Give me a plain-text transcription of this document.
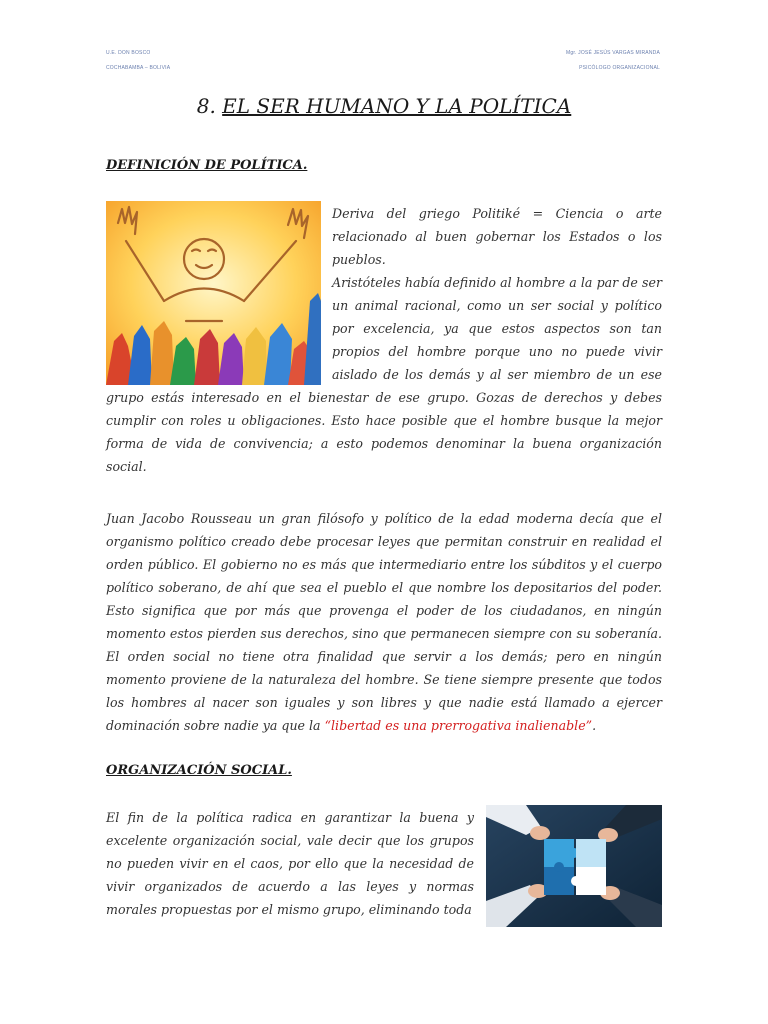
U.E. DON BOSCO
COCHABAMBA – BOLIVIA
Mgr. JOSÉ JESÚS VARGAS MIRANDA
PSICÓLOGO ORGANIZACIONAL
8. EL SER HUMANO Y LA POLÍTICA
DEFINICIÓN DE POLÍTICA.
Deriva del griego Politiké = Ciencia o arte relacionado al buen gobernar los Estados o los pueblos.
Aristóteles había definido al hombre a la par de ser un animal racional, como un ser social y político por excelencia, ya que estos aspectos son tan propios del hombre porque uno no puede vivir aislado de los demás y al ser miembro de un ese grupo estás interesado en el bienestar de ese grupo. Gozas de derechos y debes cumplir con roles u obligaciones. Esto hace posible que el hombre busque la mejor forma de vida de convivencia; a esto podemos denominar la buena organización social.
Juan Jacobo Rousseau un gran filósofo y político de la edad moderna decía que el organismo político creado debe procesar leyes que permitan construir en realidad el orden público. El gobierno no es más que intermediario entre los súbditos y el cuerpo político soberano, de ahí que sea el pueblo el que nombre los depositarios del poder. Esto significa que por más que provenga el poder de los ciudadanos, en ningún momento estos pierden sus derechos, sino que permanecen siempre con su soberanía. El orden social no tiene otra finalidad que servir a los demás; pero en ningún momento proviene de la naturaleza del hombre. Se tiene siempre presente que todos los hombres al nacer son iguales y son libres y que nadie está llamado a ejercer dominación sobre nadie ya que la “libertad es una prerrogativa inalienable”.
ORGANIZACIÓN SOCIAL.
El fin de la política radica en garantizar la buena y excelente organización social, vale decir que los grupos no pueden vivir en el caos, por ello que la necesidad de vivir organizados de acuerdo a las leyes y normas morales propuestas por el mismo grupo, eliminando toda
